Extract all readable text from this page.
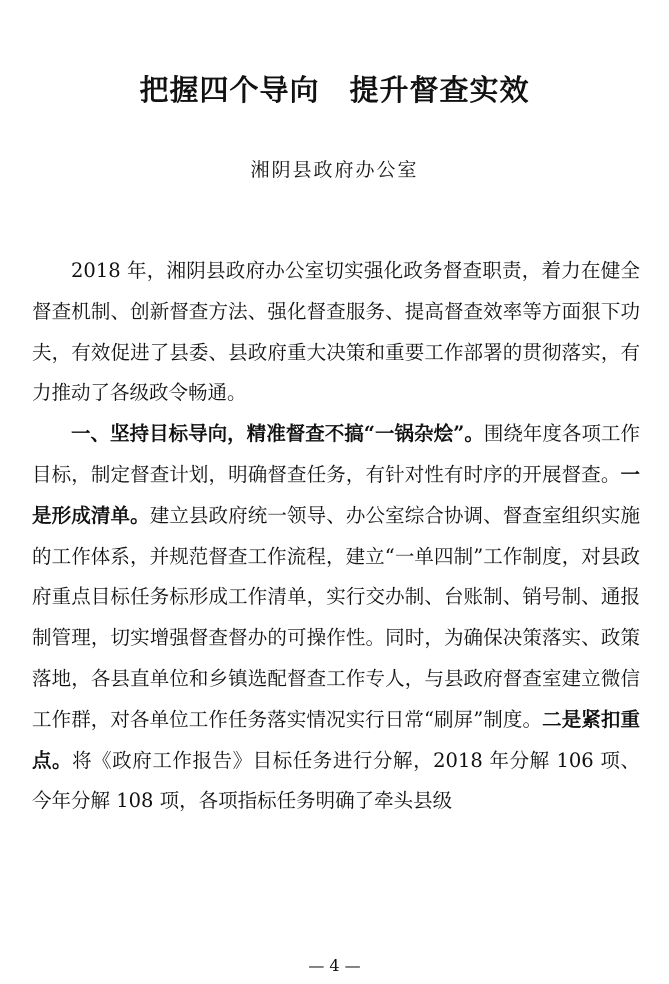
把握四个导向　提升督查实效
湘阴县政府办公室

2018 年，湘阴县政府办公室切实强化政务督查职责，着力在健全督查机制、创新督查方法、强化督查服务、提高督查效率等方面狠下功夫，有效促进了县委、县政府重大决策和重要工作部署的贯彻落实，有力推动了各级政令畅通。

一、坚持目标导向，精准督查不搞“一锅杂烩”。围绕年度各项工作目标，制定督查计划，明确督查任务，有针对性有时序的开展督查。一是形成清单。建立县政府统一领导、办公室综合协调、督查室组织实施的工作体系，并规范督查工作流程，建立“一单四制”工作制度，对县政府重点目标任务标形成工作清单，实行交办制、台账制、销号制、通报制管理，切实增强督查督办的可操作性。同时，为确保决策落实、政策落地，各县直单位和乡镇选配督查工作专人，与县政府督查室建立微信工作群，对各单位工作任务落实情况实行日常“刷屏”制度。二是紧扣重点。将《政府工作报告》目标任务进行分解，2018 年分解 106 项、今年分解 108 项，各项指标任务明确了牵头县级

— 4 —
